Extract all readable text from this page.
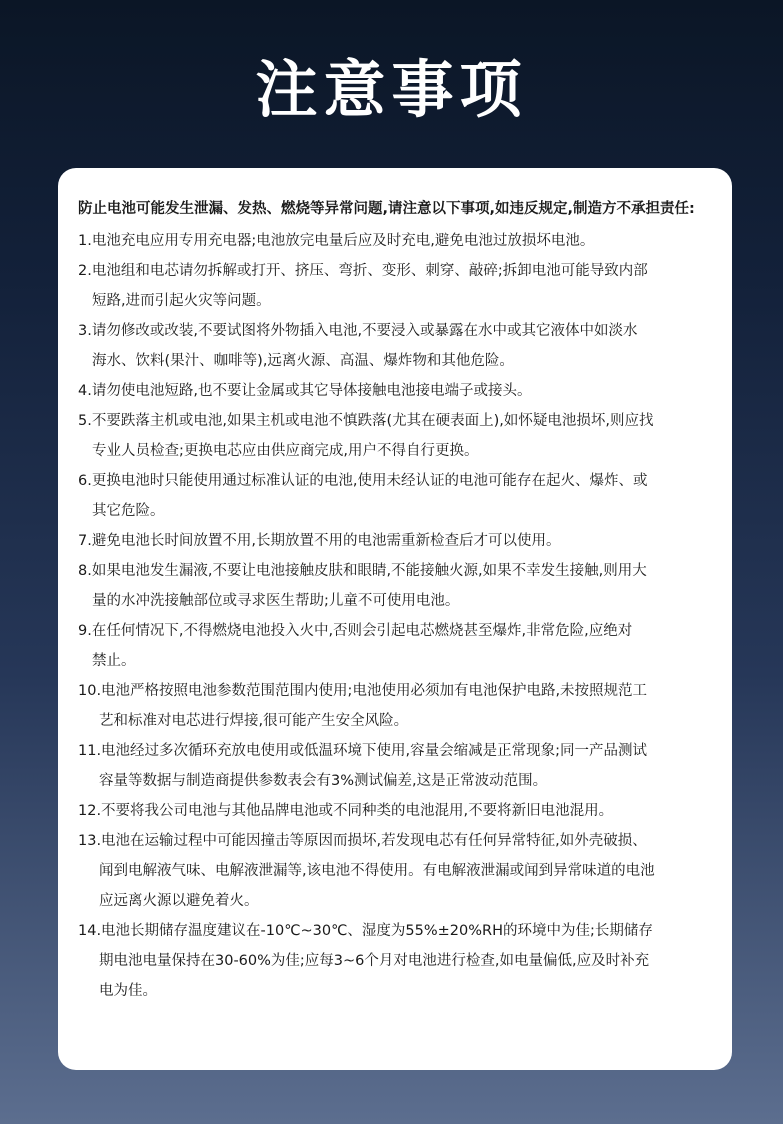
注意事项

防止电池可能发生泄漏、发热、燃烧等异常问题,请注意以下事项,如违反规定,制造方不承担责任:

1.电池充电应用专用充电器;电池放完电量后应及时充电,避免电池过放损坏电池。

2.电池组和电芯请勿拆解或打开、挤压、弯折、变形、刺穿、敲碎;拆卸电池可能导致内部
短路,进而引起火灾等问题。

3.请勿修改或改装,不要试图将外物插入电池,不要浸入或暴露在水中或其它液体中如淡水
海水、饮料(果汁、咖啡等),远离火源、高温、爆炸物和其他危险。

4.请勿使电池短路,也不要让金属或其它导体接触电池接电端子或接头。

5.不要跌落主机或电池,如果主机或电池不慎跌落(尤其在硬表面上),如怀疑电池损坏,则应找
专业人员检查;更换电芯应由供应商完成,用户不得自行更换。

6.更换电池时只能使用通过标准认证的电池,使用未经认证的电池可能存在起火、爆炸、或
其它危险。

7.避免电池长时间放置不用,长期放置不用的电池需重新检查后才可以使用。

8.如果电池发生漏液,不要让电池接触皮肤和眼睛,不能接触火源,如果不幸发生接触,则用大
量的水冲洗接触部位或寻求医生帮助;儿童不可使用电池。

9.在任何情况下,不得燃烧电池投入火中,否则会引起电芯燃烧甚至爆炸,非常危险,应绝对
禁止。

10.电池严格按照电池参数范围范围内使用;电池使用必须加有电池保护电路,未按照规范工
艺和标准对电芯进行焊接,很可能产生安全风险。

11.电池经过多次循环充放电使用或低温环境下使用,容量会缩减是正常现象;同一产品测试
容量等数据与制造商提供参数表会有3%测试偏差,这是正常波动范围。

12.不要将我公司电池与其他品牌电池或不同种类的电池混用,不要将新旧电池混用。

13.电池在运输过程中可能因撞击等原因而损坏,若发现电芯有任何异常特征,如外壳破损、
闻到电解液气味、电解液泄漏等,该电池不得使用。有电解液泄漏或闻到异常味道的电池
应远离火源以避免着火。

14.电池长期储存温度建议在-10℃~30℃、湿度为55%±20%RH的环境中为佳;长期储存
期电池电量保持在30-60%为佳;应每3~6个月对电池进行检查,如电量偏低,应及时补充
电为佳。
